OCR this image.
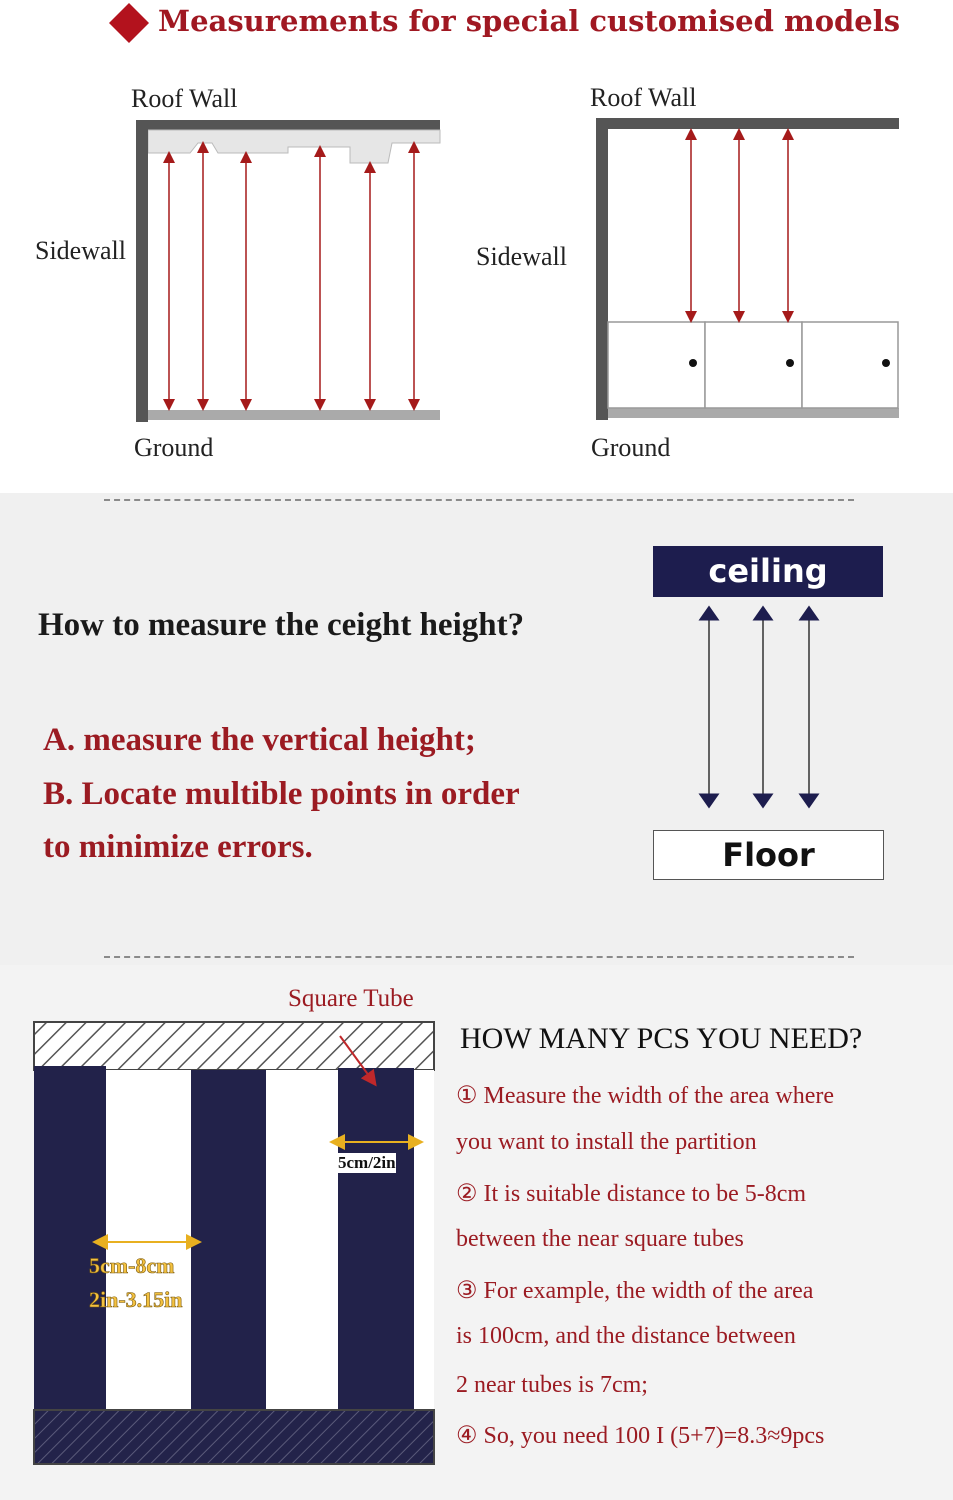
Measurements for special customised models
Roof Wall
Sidewall
Ground
Roof Wall
Sidewall
Ground
How to measure the ceight height?
A. measure the vertical height;
B. Locate multible points in order
to minimize errors.
ceiling
Floor
Square Tube
5cm/2in
5cm-8cm
2in-3.15in
HOW MANY PCS YOU NEED?
① Measure the width of the area where
you want to install the partition
② It is suitable distance to be 5-8cm
between the near square tubes
③ For example, the width of the area
is 100cm, and the distance between
2 near tubes is 7cm;
④ So, you need 100 I (5+7)=8.3≈9pcs
